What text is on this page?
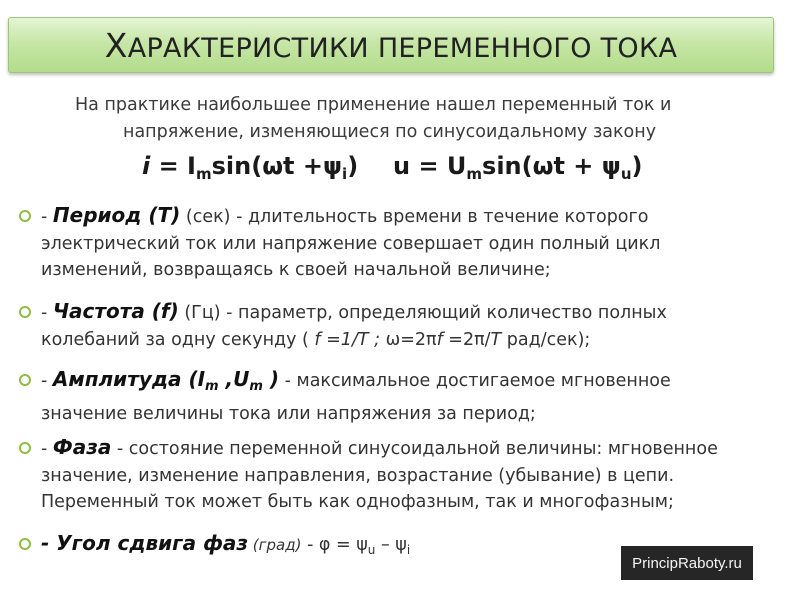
ХАРАКТЕРИСТИКИ ПЕРЕМЕННОГО ТОКА
На практике наибольшее применение нашел переменный ток и
напряжение, изменяющиеся по синусоидальному закону
$i = I_m\sin(\omega t +\psi_i) u = U_m\sin(\omega t + \psi_u)$
- Период (T) (сек) - длительность времени в течение которого
электрический ток или напряжение совершает один полный цикл
изменений, возвращаясь к своей начальной величине;
- Частота (f) (Гц) - параметр, определяющий количество полных
колебаний за одну секунду ( f =1/T ; ω=2πf =2π/T рад/сек);
- Амплитуда ($I_m$ $,U_m$ ) - максимальное достигаемое мгновенное
значение величины тока или напряжения за период;
- Фаза - состояние переменной синусоидальной величины: мгновенное
значение, изменение направления, возрастание (убывание) в цепи.
Переменный ток может быть как однофазным, так и многофазным;
- Угол сдвига фаз (град) - $\varphi = \psi_u - \psi_i$
PrincipRaboty.ru
